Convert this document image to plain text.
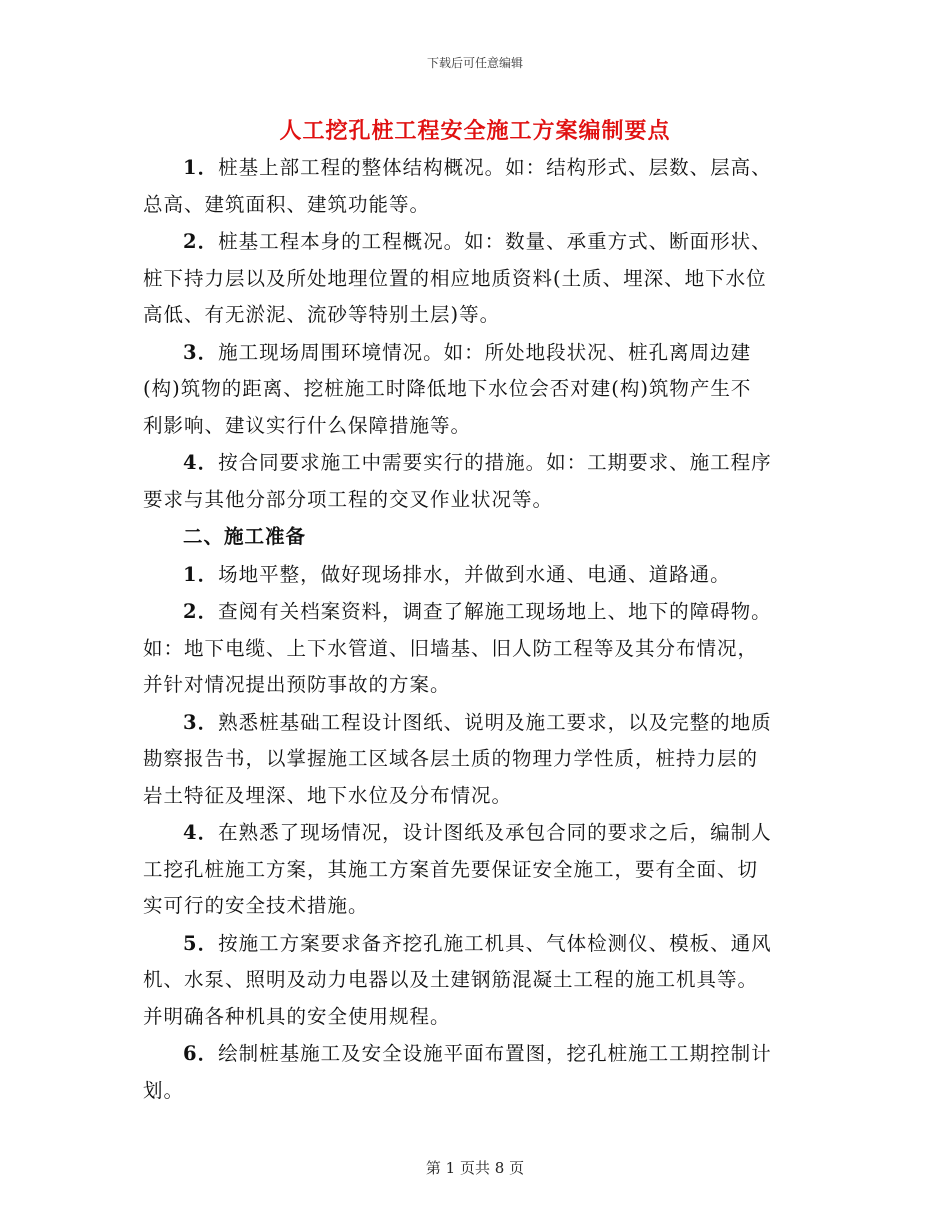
下载后可任意编辑
人工挖孔桩工程安全施工方案编制要点
1．桩基上部工程的整体结构概况。如：结构形式、层数、层高、
总高、建筑面积、建筑功能等。
2．桩基工程本身的工程概况。如：数量、承重方式、断面形状、
桩下持力层以及所处地理位置的相应地质资料(土质、埋深、地下水位
高低、有无淤泥、流砂等特别土层)等。
3．施工现场周围环境情况。如：所处地段状况、桩孔离周边建
(构)筑物的距离、挖桩施工时降低地下水位会否对建(构)筑物产生不
利影响、建议实行什么保障措施等。
4．按合同要求施工中需要实行的措施。如：工期要求、施工程序
要求与其他分部分项工程的交叉作业状况等。
二、施工准备
1．场地平整，做好现场排水，并做到水通、电通、道路通。
2．查阅有关档案资料，调查了解施工现场地上、地下的障碍物。
如：地下电缆、上下水管道、旧墙基、旧人防工程等及其分布情况，
并针对情况提出预防事故的方案。
3．熟悉桩基础工程设计图纸、说明及施工要求，以及完整的地质
勘察报告书，以掌握施工区域各层土质的物理力学性质，桩持力层的
岩土特征及埋深、地下水位及分布情况。
4．在熟悉了现场情况，设计图纸及承包合同的要求之后，编制人
工挖孔桩施工方案，其施工方案首先要保证安全施工，要有全面、切
实可行的安全技术措施。
5．按施工方案要求备齐挖孔施工机具、气体检测仪、模板、通风
机、水泵、照明及动力电器以及土建钢筋混凝土工程的施工机具等。
并明确各种机具的安全使用规程。
6．绘制桩基施工及安全设施平面布置图，挖孔桩施工工期控制计
划。
第 1 页共 8 页
